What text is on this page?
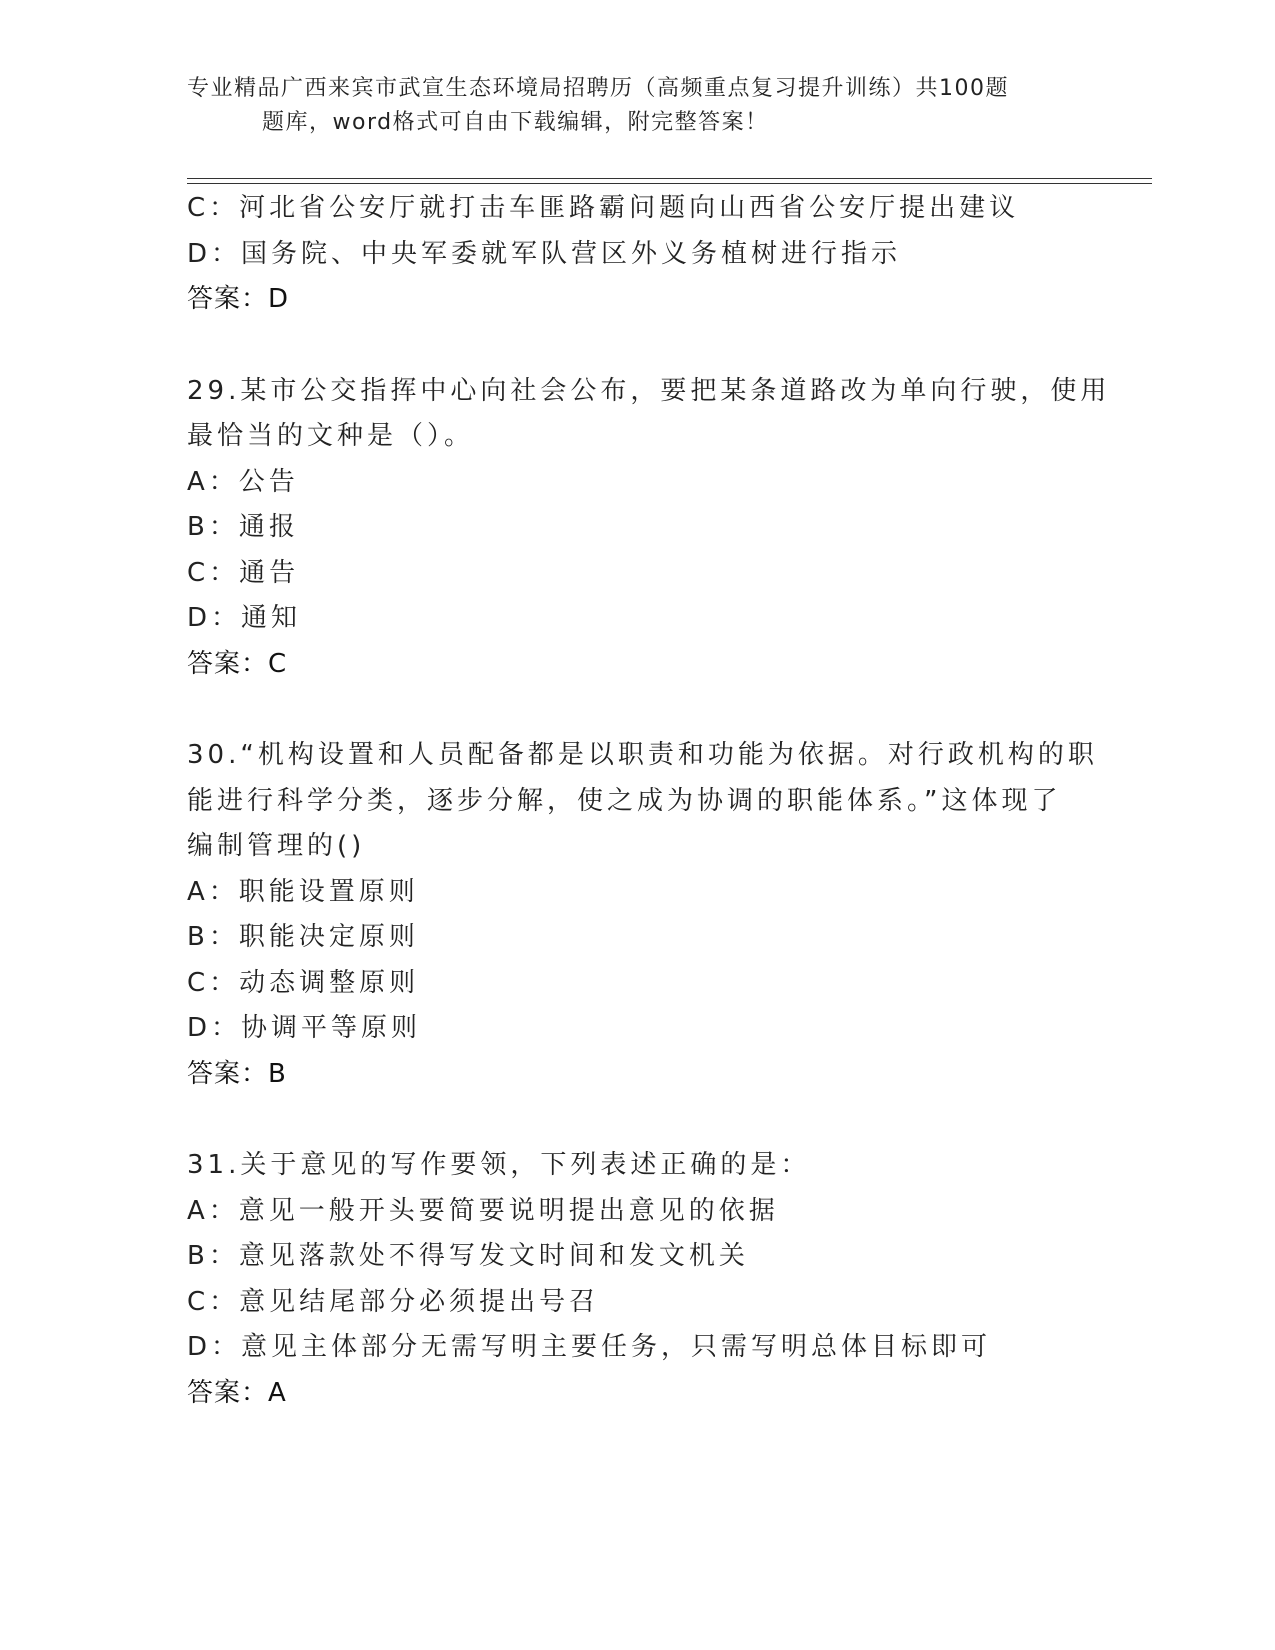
专业精品广西来宾市武宣生态环境局招聘历（高频重点复习提升训练）共100题
题库，word格式可自由下载编辑，附完整答案！
C：河北省公安厅就打击车匪路霸问题向山西省公安厅提出建议
D：国务院、中央军委就军队营区外义务植树进行指示
答案：D
29.某市公交指挥中心向社会公布，要把某条道路改为单向行驶，使用
最恰当的文种是（）。
A：公告
B：通报
C：通告
D：通知
答案：C
30.“机构设置和人员配备都是以职责和功能为依据。对行政机构的职
能进行科学分类，逐步分解，使之成为协调的职能体系。”这体现了
编制管理的()
A：职能设置原则
B：职能决定原则
C：动态调整原则
D：协调平等原则
答案：B
31.关于意见的写作要领，下列表述正确的是：
A：意见一般开头要简要说明提出意见的依据
B：意见落款处不得写发文时间和发文机关
C：意见结尾部分必须提出号召
D：意见主体部分无需写明主要任务，只需写明总体目标即可
答案：A
